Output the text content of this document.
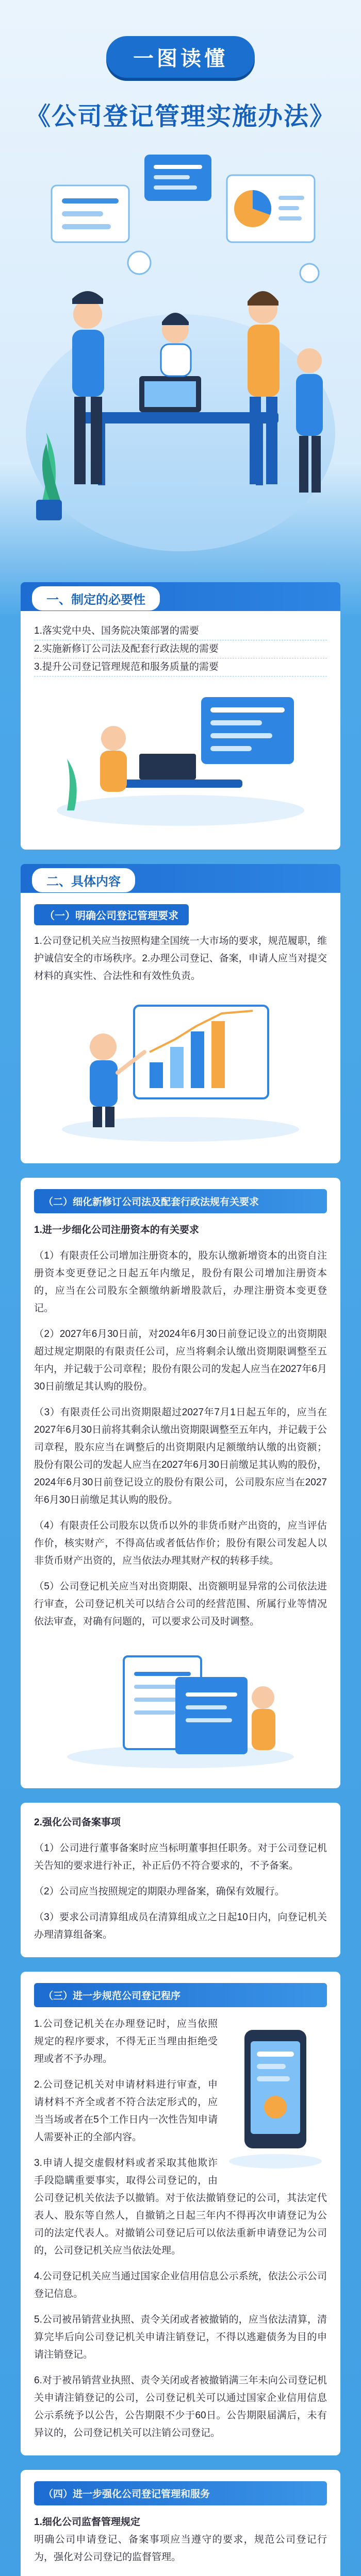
一图读懂
《公司登记管理实施办法》
一、制定的必要性

1.落实党中央、国务院决策部署的需要

2.实施新修订公司法及配套行政法规的需要

3.提升公司登记管理规范和服务质量的需要

二、具体内容
（一）明确公司登记管理要求

1.公司登记机关应当按照构建全国统一大市场的要求，规范履职，维护诚信安全的市场秩序。2.办理公司登记、备案，申请人应当对提交材料的真实性、合法性和有效性负责。

（二）细化新修订公司法及配套行政法规有关要求

1.进一步细化公司注册资本的有关要求

（1）有限责任公司增加注册资本的，股东认缴新增资本的出资自注册资本变更登记之日起五年内缴足，股份有限公司增加注册资本的，应当在公司股东全额缴纳新增股款后，办理注册资本变更登记。

（2）2027年6月30日前，对2024年6月30日前登记设立的出资期限超过规定期限的有限责任公司，应当将剩余认缴出资期限调整至五年内，并记载于公司章程；股份有限公司的发起人应当在2027年6月30日前缴足其认购的股份。

（3）有限责任公司出资期限超过2027年7月1日起五年的，应当在2027年6月30日前将其剩余认缴出资期限调整至五年内，并记载于公司章程，股东应当在调整后的出资期限内足额缴纳认缴的出资额；股份有限公司的发起人应当在2027年6月30日前缴足其认购的股份，2024年6月30日前登记设立的股份有限公司，公司股东应当在2027年6月30日前缴足其认购的股份。

（4）有限责任公司股东以货币以外的非货币财产出资的，应当评估作价，核实财产，不得高估或者低估作价；股份有限公司发起人以非货币财产出资的，应当依法办理其财产权的转移手续。

（5）公司登记机关应当对出资期限、出资额明显异常的公司依法进行审查，公司登记机关可以结合公司的经营范围、所属行业等情况依法审查，对确有问题的，可以要求公司及时调整。

2.强化公司备案事项

（1）公司进行董事备案时应当标明董事担任职务。对于公司登记机关告知的要求进行补正，补正后仍不符合要求的，不予备案。

（2）公司应当按照规定的期限办理备案，确保有效履行。

（3）要求公司清算组成员在清算组成立之日起10日内，向登记机关办理清算组备案。

（三）进一步规范公司登记程序

1.公司登记机关在办理登记时，应当依照规定的程序要求，不得无正当理由拒绝受理或者不予办理。

2.公司登记机关对申请材料进行审查，申请材料不齐全或者不符合法定形式的，应当当场或者在5个工作日内一次性告知申请人需要补正的全部内容。

3.申请人提交虚假材料或者采取其他欺诈手段隐瞒重要事实，取得公司登记的，由公司登记机关依法予以撤销。对于依法撤销登记的公司，其法定代表人、股东等自然人，自撤销之日起三年内不得再次申请登记为公司的法定代表人。对撤销公司登记后可以依法重新申请登记为公司的，公司登记机关应当依法处理。

4.公司登记机关应当通过国家企业信用信息公示系统，依法公示公司登记信息。

5.公司被吊销营业执照、责令关闭或者被撤销的，应当依法清算，清算完毕后向公司登记机关申请注销登记，不得以逃避债务为目的申请注销登记。

6.对于被吊销营业执照、责令关闭或者被撤销满三年未向公司登记机关申请注销登记的公司，公司登记机关可以通过国家企业信用信息公示系统予以公告，公告期限不少于60日。公告期限届满后，未有异议的，公司登记机关可以注销公司登记。

（四）进一步强化公司登记管理和服务

1.细化公司监督管理规定

明确公司申请登记、备案事项应当遵守的要求，规范公司登记行为，强化对公司登记的监督管理。
